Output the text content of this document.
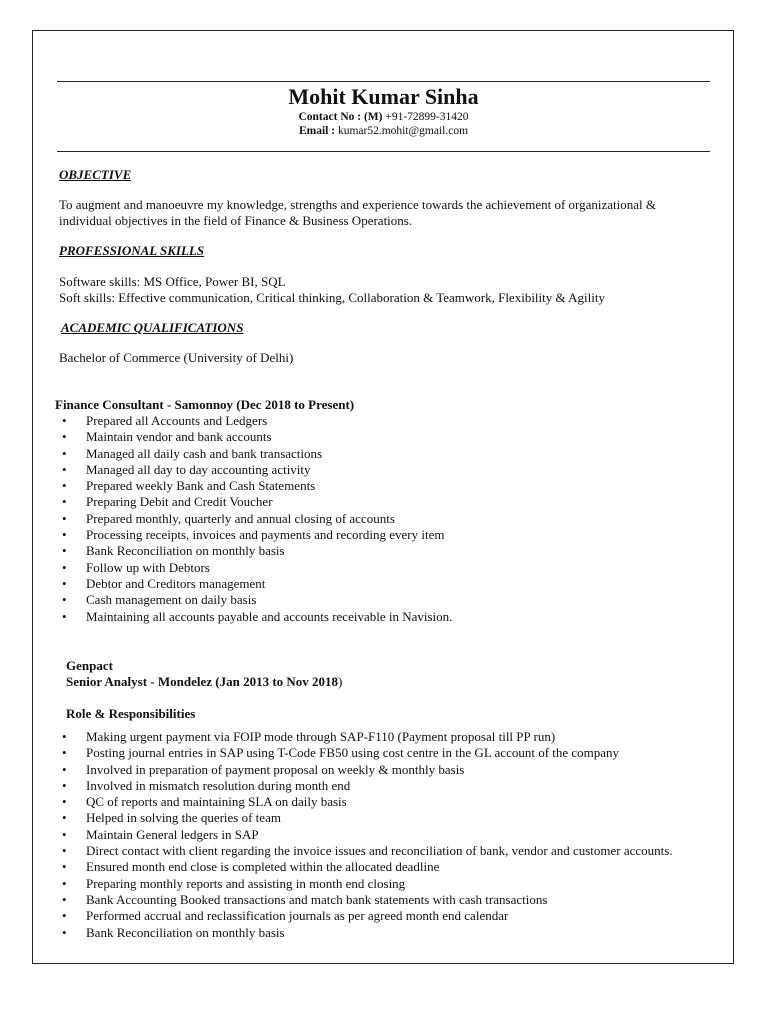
Mohit Kumar Sinha
Contact No : (M) +91-72899-31420
Email : kumar52.mohit@gmail.com
OBJECTIVE
To augment and manoeuvre my knowledge, strengths and experience towards the achievement of organizational &
individual objectives in the field of Finance & Business Operations.
PROFESSIONAL SKILLS
Software skills: MS Office, Power BI, SQL
Soft skills: Effective communication, Critical thinking, Collaboration & Teamwork, Flexibility & Agility
ACADEMIC QUALIFICATIONS
Bachelor of Commerce (University of Delhi)
Finance Consultant - Samonnoy (Dec 2018 to Present)
• Prepared all Accounts and Ledgers
• Maintain vendor and bank accounts
• Managed all daily cash and bank transactions
• Managed all day to day accounting activity
• Prepared weekly Bank and Cash Statements
• Preparing Debit and Credit Voucher
• Prepared monthly, quarterly and annual closing of accounts
• Processing receipts, invoices and payments and recording every item
• Bank Reconciliation on monthly basis
• Follow up with Debtors
• Debtor and Creditors management
• Cash management on daily basis
• Maintaining all accounts payable and accounts receivable in Navision.
Genpact
Senior Analyst - Mondelez (Jan 2013 to Nov 2018)
Role & Responsibilities
• Making urgent payment via FOIP mode through SAP-F110 (Payment proposal till PP run)
• Posting journal entries in SAP using T-Code FB50 using cost centre in the GL account of the company
• Involved in preparation of payment proposal on weekly & monthly basis
• Involved in mismatch resolution during month end
• QC of reports and maintaining SLA on daily basis
• Helped in solving the queries of team
• Maintain General ledgers in SAP
• Direct contact with client regarding the invoice issues and reconciliation of bank, vendor and customer accounts.
• Ensured month end close is completed within the allocated deadline
• Preparing monthly reports and assisting in month end closing
• Bank Accounting Booked transactions and match bank statements with cash transactions
• Performed accrual and reclassification journals as per agreed month end calendar
• Bank Reconciliation on monthly basis
